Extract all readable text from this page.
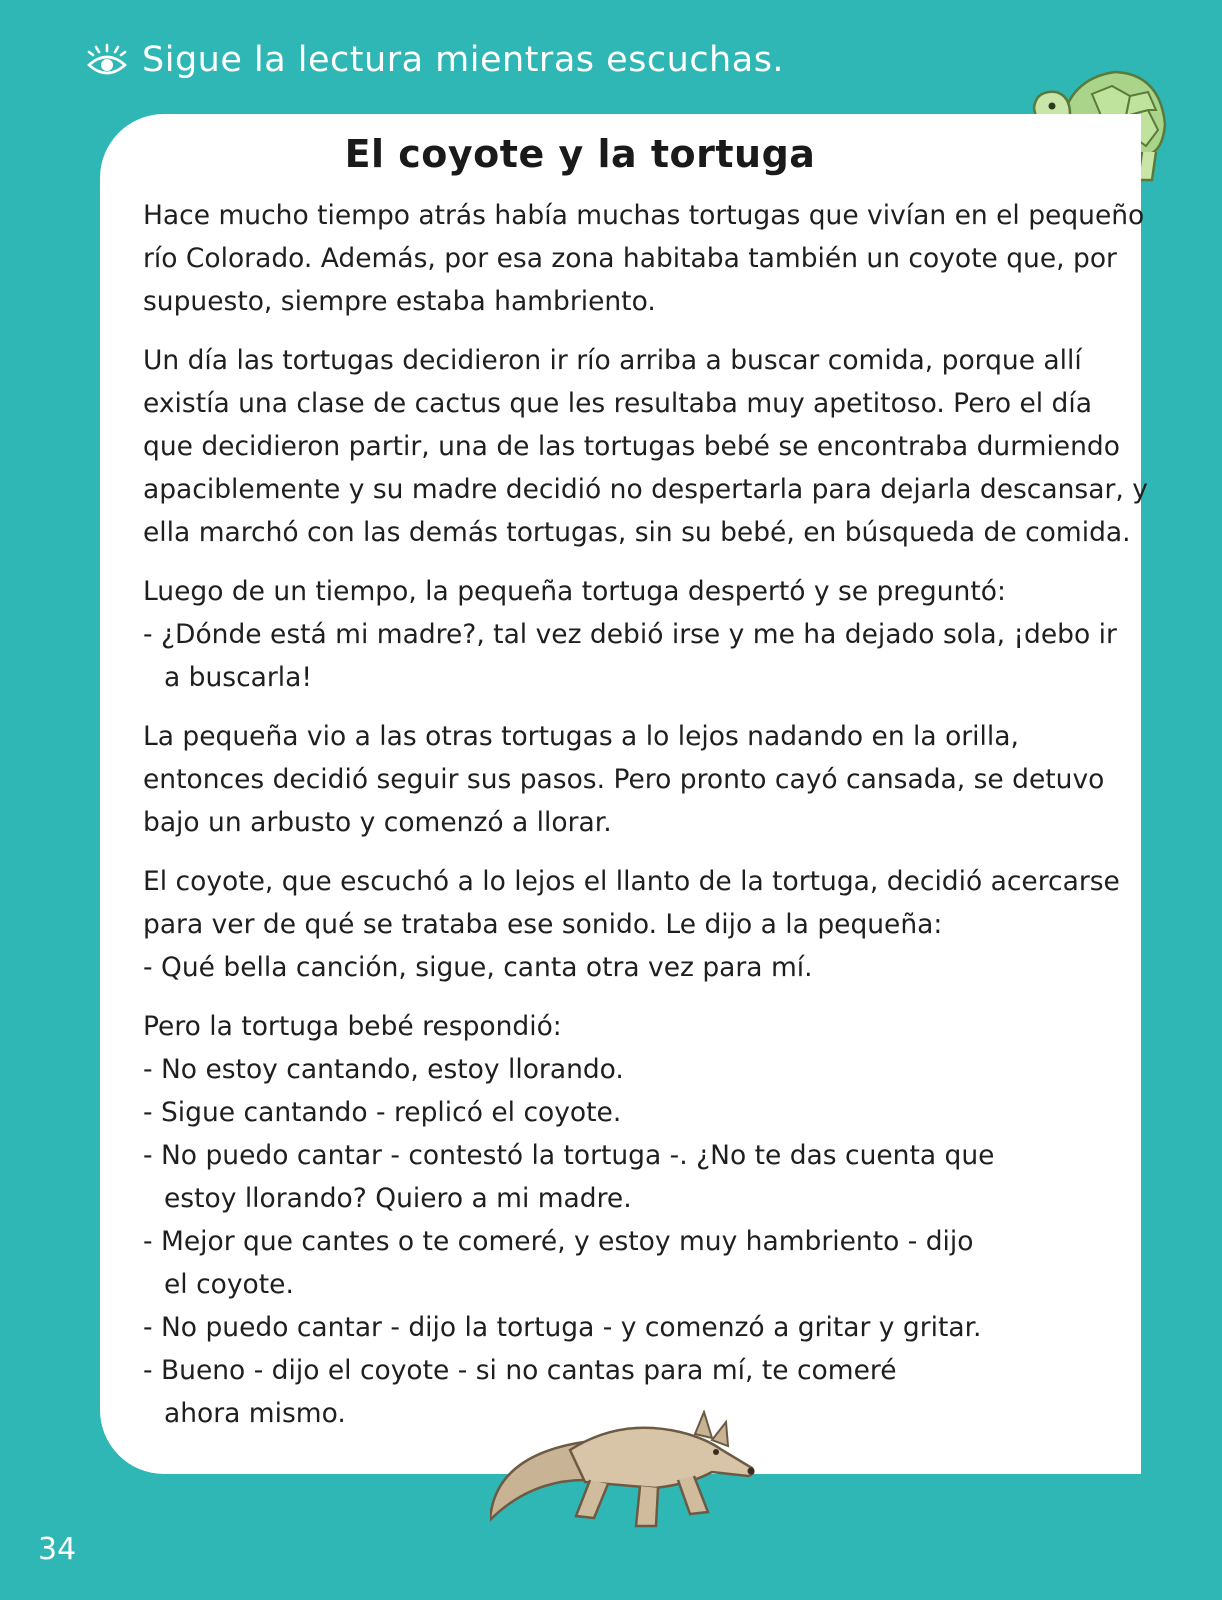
Sigue la lectura mientras escuchas.
El coyote y la tortuga

Hace mucho tiempo atrás había muchas tortugas que vivían en el pequeño
río Colorado. Además, por esa zona habitaba también un coyote que, por
supuesto, siempre estaba hambriento.

Un día las tortugas decidieron ir río arriba a buscar comida, porque allí
existía una clase de cactus que les resultaba muy apetitoso. Pero el día
que decidieron partir, una de las tortugas bebé se encontraba durmiendo
apaciblemente y su madre decidió no despertarla para dejarla descansar, y
ella marchó con las demás tortugas, sin su bebé, en búsqueda de comida.

Luego de un tiempo, la pequeña tortuga despertó y se preguntó:
- ¿Dónde está mi madre?, tal vez debió irse y me ha dejado sola, ¡debo ir
a buscarla!

La pequeña vio a las otras tortugas a lo lejos nadando en la orilla,
entonces decidió seguir sus pasos. Pero pronto cayó cansada, se detuvo
bajo un arbusto y comenzó a llorar.

El coyote, que escuchó a lo lejos el llanto de la tortuga, decidió acercarse
para ver de qué se trataba ese sonido. Le dijo a la pequeña:
- Qué bella canción, sigue, canta otra vez para mí.

Pero la tortuga bebé respondió:
- No estoy cantando, estoy llorando.
- Sigue cantando - replicó el coyote.
- No puedo cantar - contestó la tortuga -. ¿No te das cuenta que
estoy llorando? Quiero a mi madre.
- Mejor que cantes o te comeré, y estoy muy hambriento - dijo
el coyote.
- No puedo cantar - dijo la tortuga - y comenzó a gritar y gritar.
- Bueno - dijo el coyote - si no cantas para mí, te comeré
ahora mismo.

34
